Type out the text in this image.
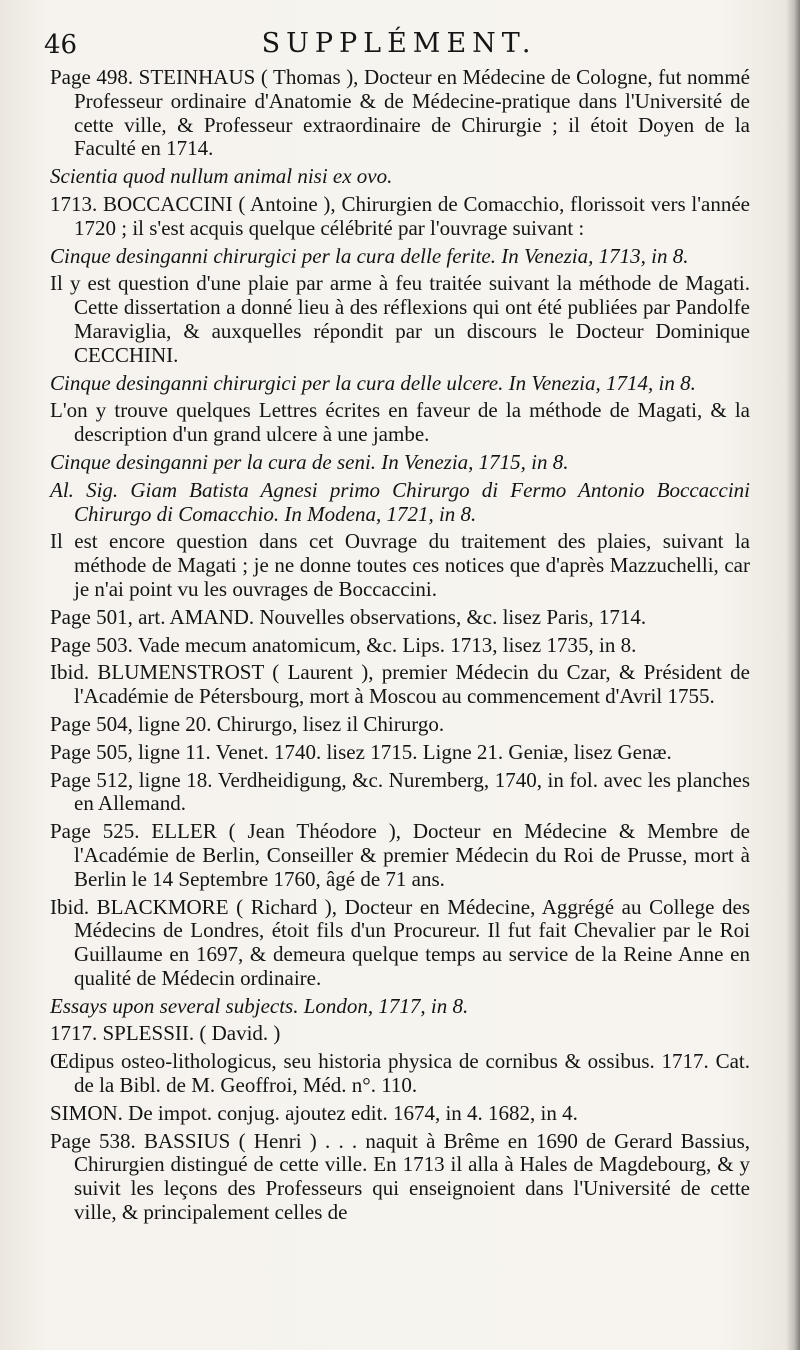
46	SUPPLÉMENT.

Page 498. STEINHAUS ( Thomas ), Docteur en Médecine de Cologne, fut nommé Professeur ordinaire d'Anatomie & de Médecine-pratique dans l'Université de cette ville, & Professeur extraordinaire de Chirurgie ; il étoit Doyen de la Faculté en 1714.

Scientia quod nullum animal nisi ex ovo.

1713. BOCCACCINI ( Antoine ), Chirurgien de Comacchio, florissoit vers l'année 1720 ; il s'est acquis quelque célébrité par l'ouvrage suivant :

Cinque desinganni chirurgici per la cura delle ferite. In Venezia, 1713, in 8.

Il y est question d'une plaie par arme à feu traitée suivant la méthode de Magati. Cette dissertation a donné lieu à des réflexions qui ont été publiées par Pandolfe Maraviglia, & auxquelles répondit par un discours le Docteur Dominique CECCHINI.

Cinque desinganni chirurgici per la cura delle ulcere. In Venezia, 1714, in 8.

L'on y trouve quelques Lettres écrites en faveur de la méthode de Magati, & la description d'un grand ulcere à une jambe.

Cinque desinganni per la cura de seni. In Venezia, 1715, in 8.

Al. Sig. Giam Batista Agnesi primo Chirurgo di Fermo Antonio Boccaccini Chirurgo di Comacchio. In Modena, 1721, in 8.

Il est encore question dans cet Ouvrage du traitement des plaies, suivant la méthode de Magati ; je ne donne toutes ces notices que d'après Mazzuchelli, car je n'ai point vu les ouvrages de Boccaccini.

Page 501, art. AMAND. Nouvelles observations, &c. lisez Paris, 1714.

Page 503. Vade mecum anatomicum, &c. Lips. 1713, lisez 1735, in 8.

Ibid. BLUMENSTROST ( Laurent ), premier Médecin du Czar, & Président de l'Académie de Pétersbourg, mort à Moscou au commencement d'Avril 1755.

Page 504, ligne 20. Chirurgo, lisez il Chirurgo.

Page 505, ligne 11. Venet. 1740. lisez 1715. Ligne 21. Geniæ, lisez Genæ.

Page 512, ligne 18. Verdheidigung, &c. Nuremberg, 1740, in fol. avec les planches en Allemand.

Page 525. ELLER ( Jean Théodore ), Docteur en Médecine & Membre de l'Académie de Berlin, Conseiller & premier Médecin du Roi de Prusse, mort à Berlin le 14 Septembre 1760, âgé de 71 ans.

Ibid. BLACKMORE ( Richard ), Docteur en Médecine, Aggrégé au College des Médecins de Londres, étoit fils d'un Procureur. Il fut fait Chevalier par le Roi Guillaume en 1697, & demeura quelque temps au service de la Reine Anne en qualité de Médecin ordinaire.

Essays upon several subjects. London, 1717, in 8.

1717. SPLESSII. ( David. )

Œdipus osteo-lithologicus, seu historia physica de cornibus & ossibus. 1717. Cat. de la Bibl. de M. Geoffroi, Méd. n°. 110.

SIMON. De impot. conjug. ajoutez edit. 1674, in 4. 1682, in 4.

Page 538. BASSIUS ( Henri ) . . . naquit à Brême en 1690 de Gerard Bassius, Chirurgien distingué de cette ville. En 1713 il alla à Hales de Magdebourg, & y suivit les leçons des Professeurs qui enseignoient dans l'Université de cette ville, & principalement celles de
